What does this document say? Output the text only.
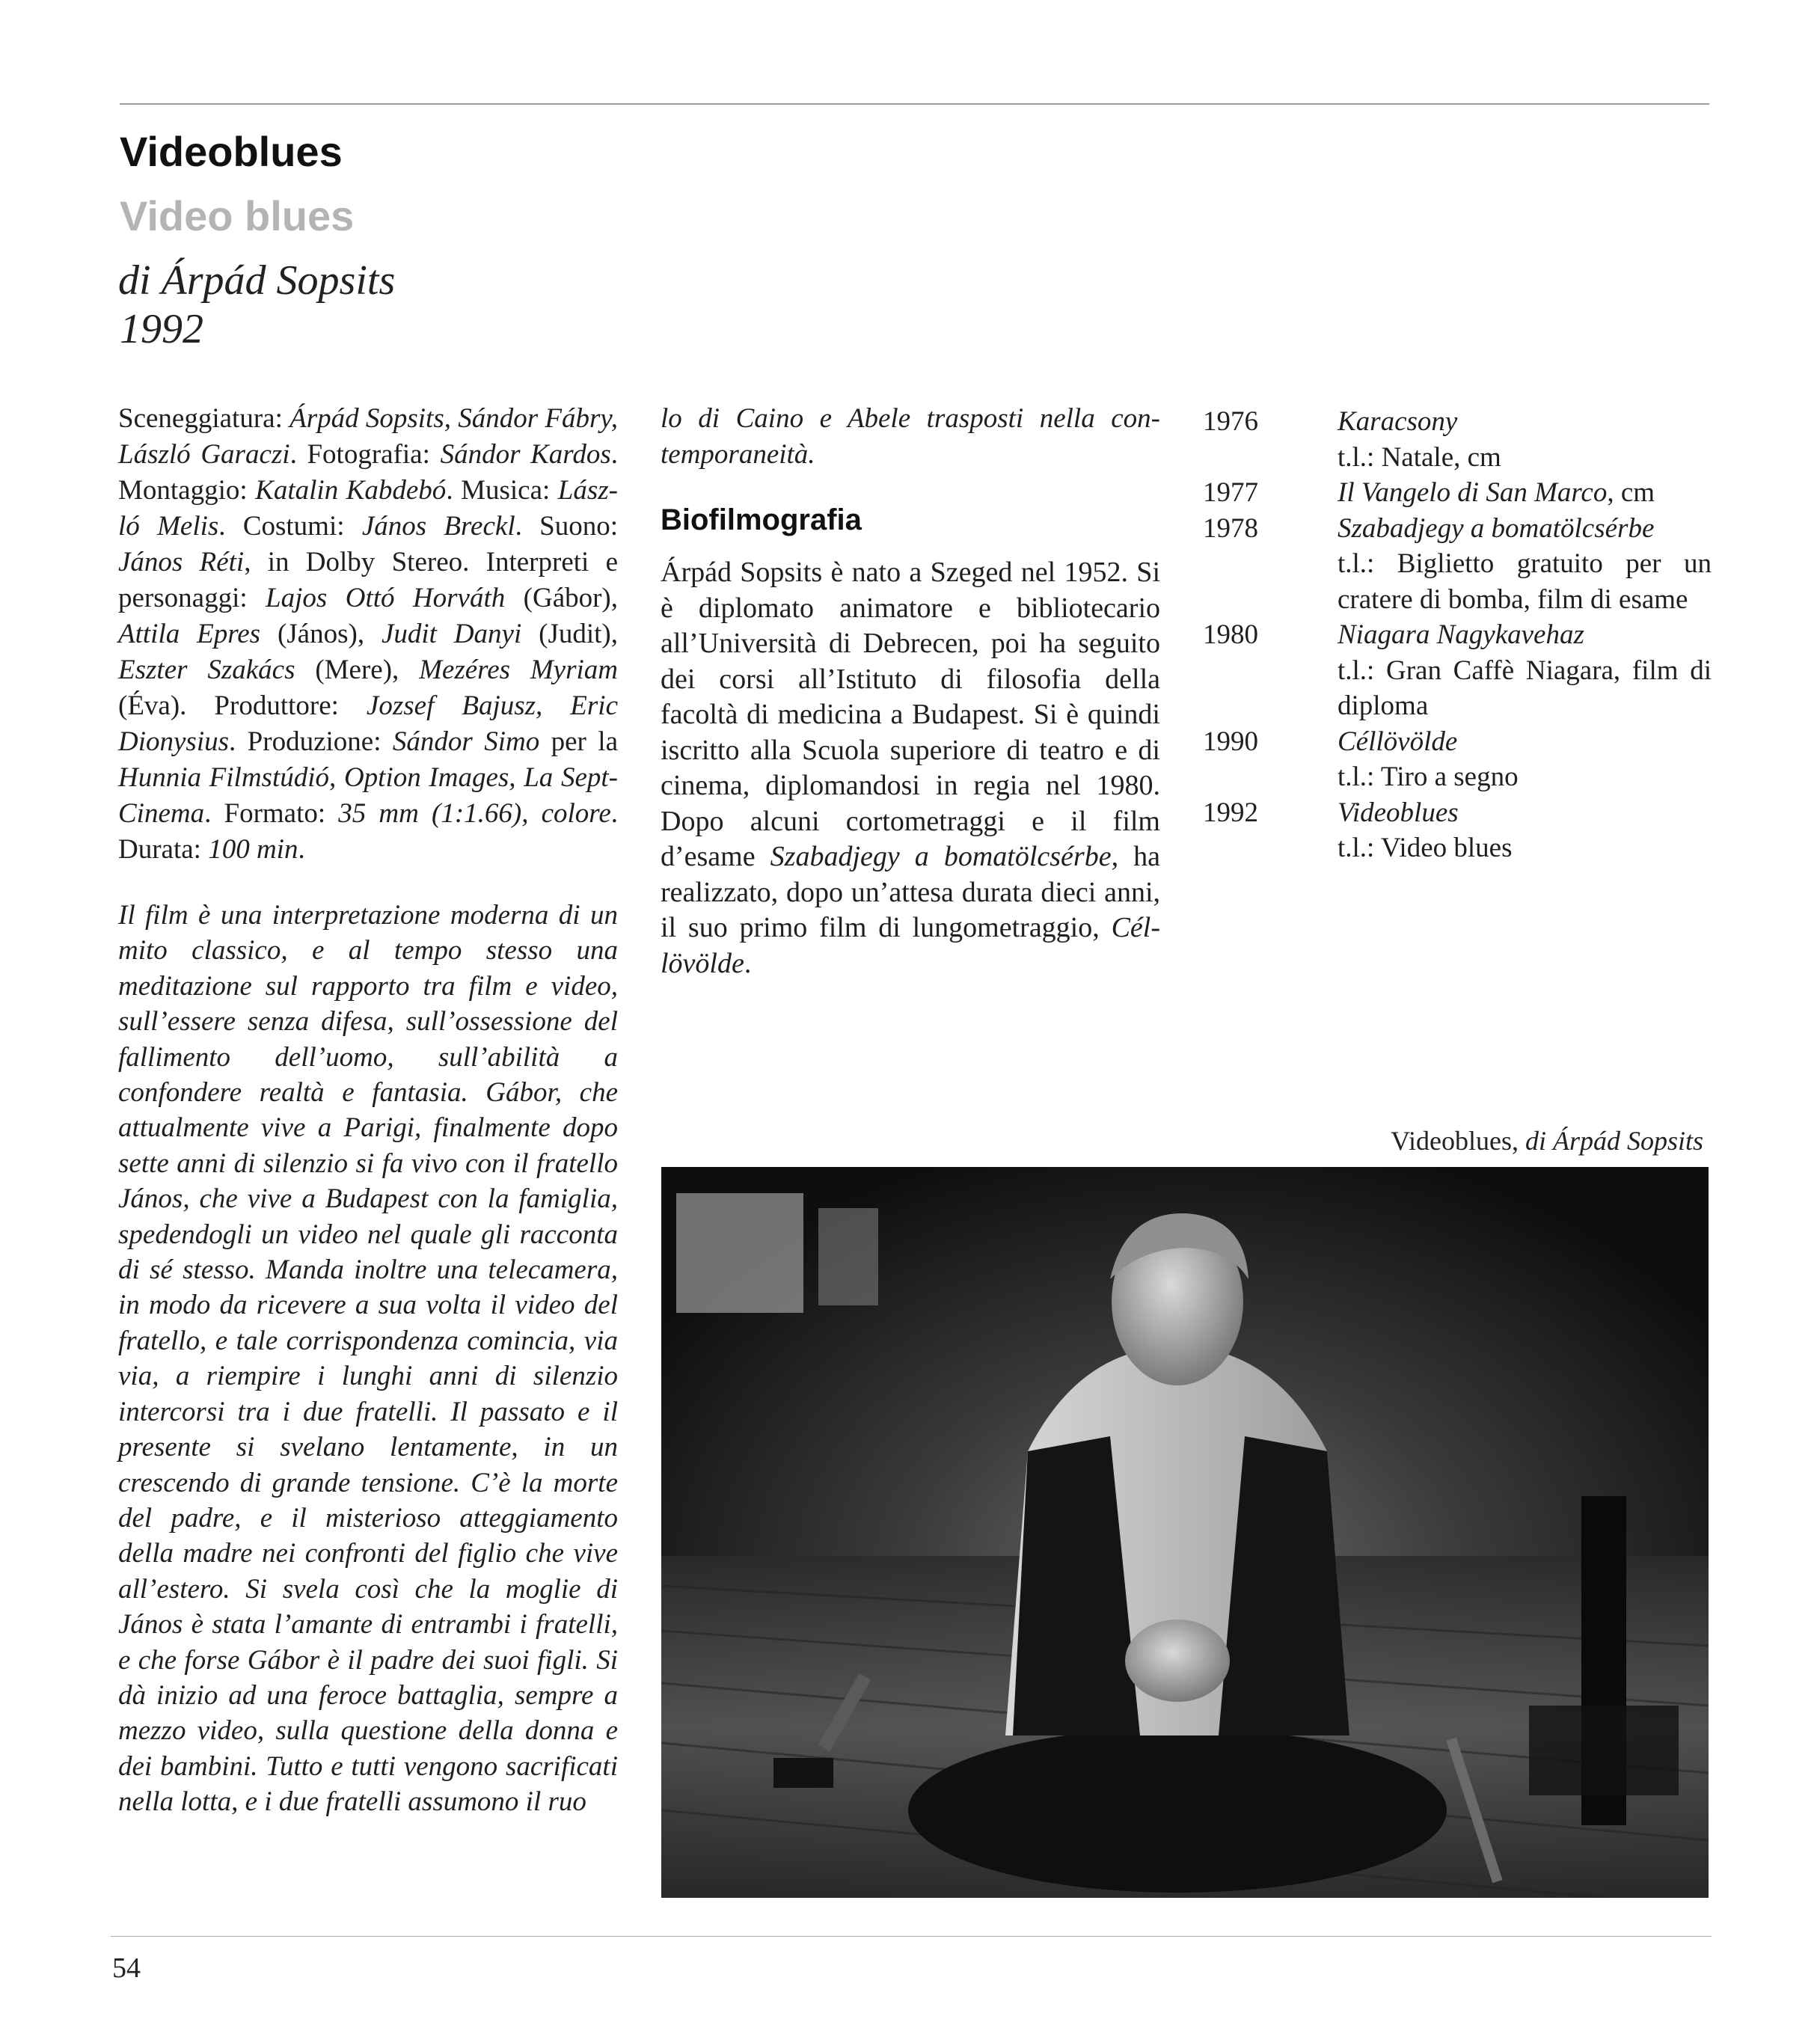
Videoblues
Video blues
di Árpád Sopsits
1992
Sceneggiatura: Árpád Sopsits, Sándor Fábry, László Garaczi. Fotografia: Sándor Kardos. Montaggio: Katalin Kabdebó. Musica: László Melis. Costumi: János Breckl. Suono: János Réti, in Dolby Stereo. Interpreti e personaggi: Lajos Ottó Horváth (Gábor), Attila Epres (János), Judit Danyi (Judit), Eszter Szakács (Mere), Mezéres Myriam (Éva). Produttore: Jozsef Bajusz, Eric Dionysius. Produzione: Sándor Simo per la Hunnia Filmstúdió, Option Images, La Sept-Cinema. Formato: 35 mm (1:1.66), colore. Durata: 100 min.
Il film è una interpretazione moderna di un mito classico, e al tempo stesso una meditazione sul rapporto tra film e video, sull’essere senza difesa, sull’ossessione del fallimento dell’uomo, sull’abilità a confondere realtà e fantasia. Gábor, che attualmente vive a Parigi, finalmente dopo sette anni di silenzio si fa vivo con il fratello János, che vive a Budapest con la famiglia, spedendogli un video nel quale gli racconta di sé stesso. Manda inoltre una telecamera, in modo da ricevere a sua volta il video del fratello, e tale corrispondenza comincia, via via, a riempire i lunghi anni di silenzio intercorsi tra i due fratelli. Il passato e il presente si svelano lentamente, in un crescendo di grande tensione. C’è la morte del padre, e il misterioso atteggiamento della madre nei confronti del figlio che vive all’estero. Si svela così che la moglie di János è stata l’amante di entrambi i fratelli, e che forse Gábor è il padre dei suoi figli. Si dà inizio ad una feroce battaglia, sempre a mezzo video, sulla questione della donna e dei bambini. Tutto e tutti vengono sacrificati nella lotta, e i due fratelli assumono il ruo
lo di Caino e Abele trasposti nella contemporaneità.
Biofilmografia
Árpád Sopsits è nato a Szeged nel 1952. Si è diplomato animatore e bibliotecario all’Università di Debrecen, poi ha seguito dei corsi all’Istituto di filosofia della facoltà di medicina a Budapest. Si è quindi iscritto alla Scuola superiore di teatro e di cinema, diplomandosi in regia nel 1980. Dopo alcuni cortometraggi e il film d’esame Szabadjegy a bomatölcsérbe, ha realizzato, dopo un’attesa durata dieci anni, il suo primo film di lungometraggio, Céllövölde.
1976	Karacsony
t.l.: Natale, cm
1977	Il Vangelo di San Marco, cm
1978	Szabadjegy a bomatölcsérbe
t.l.: Biglietto gratuito per un cratere di bomba, film di esame
1980	Niagara Nagykavehaz
t.l.: Gran Caffè Niagara, film di diploma
1990	Céllövölde
t.l.: Tiro a segno
1992	Videoblues
t.l.: Video blues
Videoblues, di Árpád Sopsits
54
